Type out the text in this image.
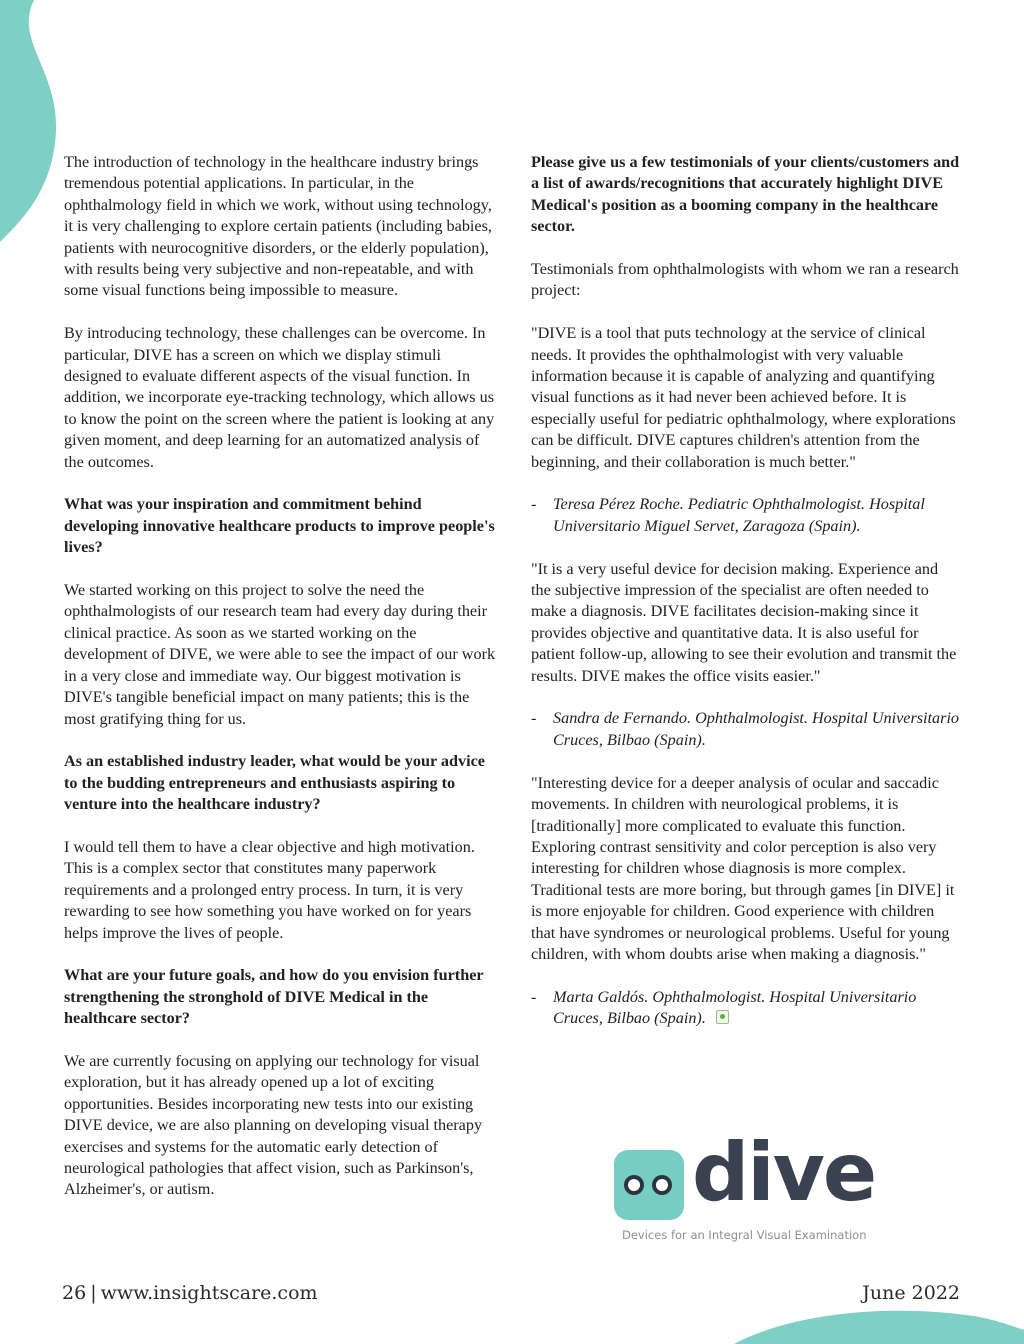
The introduction of technology in the healthcare industry brings tremendous potential applications. In particular, in the ophthalmology field in which we work, without using technology, it is very challenging to explore certain patients (including babies, patients with neurocognitive disorders, or the elderly population), with results being very subjective and non-repeatable, and with some visual functions being impossible to measure.

By introducing technology, these challenges can be overcome. In particular, DIVE has a screen on which we display stimuli designed to evaluate different aspects of the visual function. In addition, we incorporate eye-tracking technology, which allows us to know the point on the screen where the patient is looking at any given moment, and deep learning for an automatized analysis of the outcomes.

What was your inspiration and commitment behind developing innovative healthcare products to improve people's lives?

We started working on this project to solve the need the ophthalmologists of our research team had every day during their clinical practice. As soon as we started working on the development of DIVE, we were able to see the impact of our work in a very close and immediate way. Our biggest motivation is DIVE's tangible beneficial impact on many patients; this is the most gratifying thing for us.

As an established industry leader, what would be your advice to the budding entrepreneurs and enthusiasts aspiring to venture into the healthcare industry?

I would tell them to have a clear objective and high motivation. This is a complex sector that constitutes many paperwork requirements and a prolonged entry process. In turn, it is very rewarding to see how something you have worked on for years helps improve the lives of people.

What are your future goals, and how do you envision further strengthening the stronghold of DIVE Medical in the healthcare sector?

We are currently focusing on applying our technology for visual exploration, but it has already opened up a lot of exciting opportunities. Besides incorporating new tests into our existing DIVE device, we are also planning on developing visual therapy exercises and systems for the automatic early detection of neurological pathologies that affect vision, such as Parkinson's, Alzheimer's, or autism.

Please give us a few testimonials of your clients/customers and a list of awards/recognitions that accurately highlight DIVE Medical's position as a booming company in the healthcare sector.

Testimonials from ophthalmologists with whom we ran a research project:

"DIVE is a tool that puts technology at the service of clinical needs. It provides the ophthalmologist with very valuable information because it is capable of analyzing and quantifying visual functions as it had never been achieved before. It is especially useful for pediatric ophthalmology, where explorations can be difficult. DIVE captures children's attention from the beginning, and their collaboration is much better."

-	Teresa Pérez Roche. Pediatric Ophthalmologist. Hospital Universitario Miguel Servet, Zaragoza (Spain).

"It is a very useful device for decision making. Experience and the subjective impression of the specialist are often needed to make a diagnosis. DIVE facilitates decision-making since it provides objective and quantitative data. It is also useful for patient follow-up, allowing to see their evolution and transmit the results. DIVE makes the office visits easier."

-	Sandra de Fernando. Ophthalmologist. Hospital Universitario Cruces, Bilbao (Spain).

"Interesting device for a deeper analysis of ocular and saccadic movements. In children with neurological problems, it is [traditionally] more complicated to evaluate this function. Exploring contrast sensitivity and color perception is also very interesting for children whose diagnosis is more complex. Traditional tests are more boring, but through games [in DIVE] it is more enjoyable for children. Good experience with children that have syndromes or neurological problems. Useful for young children, with whom doubts arise when making a diagnosis."

-	Marta Galdós. Ophthalmologist. Hospital Universitario Cruces, Bilbao (Spain).
dive
Devices for an Integral Visual Examination
26 | www.insightscare.com	June 2022
